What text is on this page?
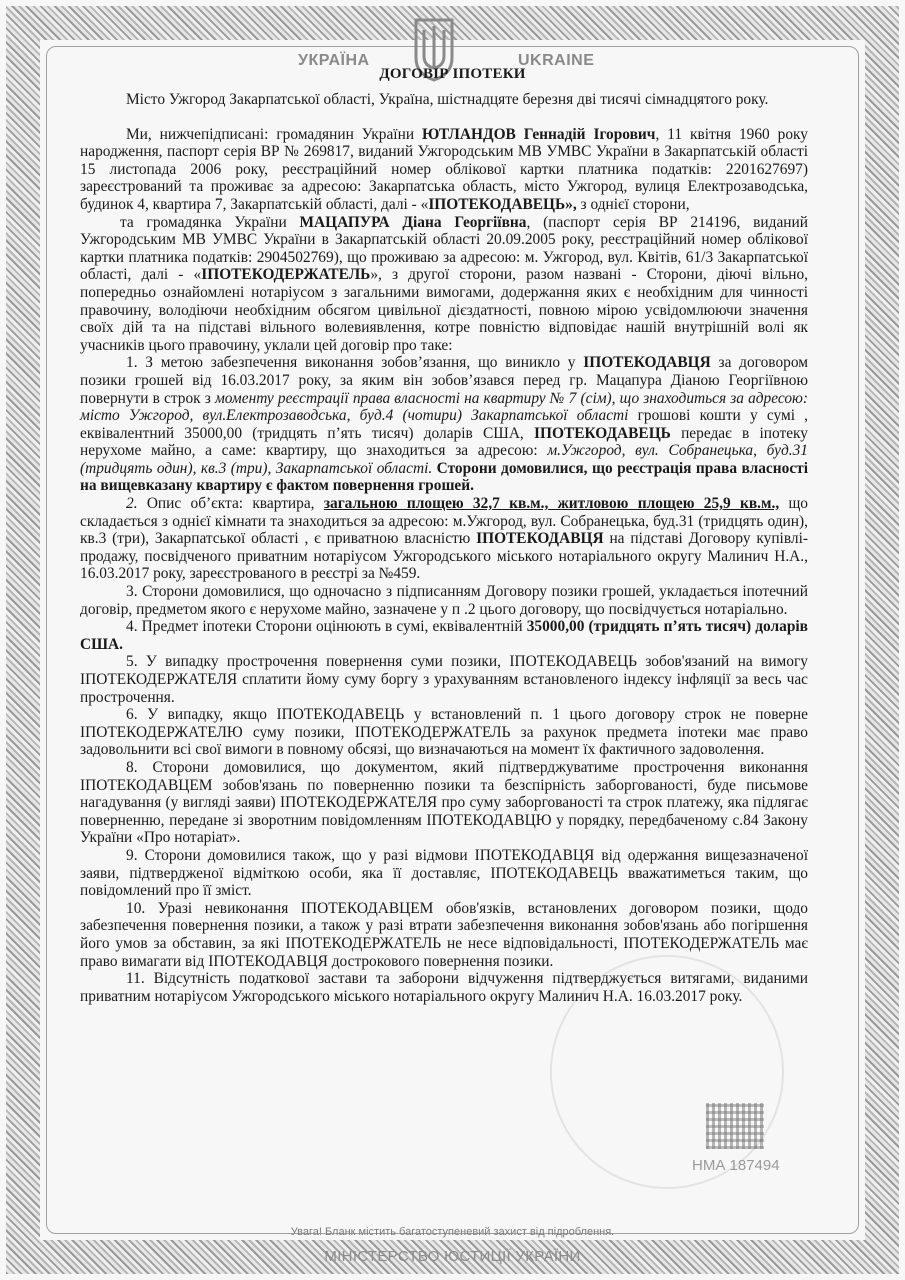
УКРАЇНА	UKRAINE
ДОГОВІР ІПОТЕКИ

Місто Ужгород Закарпатської області, Україна, шістнадцяте березня дві тисячі сімнадцятого року.

Ми, нижчепідписані: громадянин України ЮТЛАНДОВ Геннадій Ігорович, 11 квітня 1960 року народження, паспорт серія ВР № 269817, виданий Ужгородським МВ УМВС України в Закарпатській області 15 листопада 2006 року, реєстраційний номер облікової картки платника податків: 2201627697) зареєстрований та проживає за адресою: Закарпатська область, місто Ужгород, вулиця Електрозаводська, будинок 4, квартира 7, Закарпатській області, далі - «ІПОТЕКОДАВЕЦЬ», з однієї сторони,

та громадянка України МАЦАПУРА Діана Георгіївна, (паспорт серія ВР 214196, виданий Ужгородським МВ УМВС України в Закарпатській області 20.09.2005 року, реєстраційний номер облікової картки платника податків: 2904502769), що проживаю за адресою: м. Ужгород, вул. Квітів, 61/3 Закарпатської області, далі - «ІПОТЕКОДЕРЖАТЕЛЬ», з другої сторони, разом названі - Сторони, діючі вільно, попередньо ознайомлені нотаріусом з загальними вимогами, додержання яких є необхідним для чинності правочину, володіючи необхідним обсягом цивільної дієздатності, повною мірою усвідомлюючи значення своїх дій та на підставі вільного волевиявлення, котре повністю відповідає нашій внутрішній волі як учасників цього правочину, уклали цей договір про таке:

1. З метою забезпечення виконання зобов’язання, що виникло у ІПОТЕКОДАВЦЯ за договором позики грошей від 16.03.2017 року, за яким він зобов’язався перед гр. Мацапура Діаною Георгіївною повернути в строк з моменту реєстрації права власності на квартиру № 7 (сім), що знаходиться за адресою: місто Ужгород, вул.Електрозаводська, буд.4 (чотири) Закарпатської області грошові кошти у сумі , еквівалентний 35000,00 (тридцять п’ять тисяч) доларів США, ІПОТЕКОДАВЕЦЬ передає в іпотеку нерухоме майно, а саме: квартиру, що знаходиться за адресою: м.Ужгород, вул. Собранецька, буд.31 (тридцять один), кв.3 (три), Закарпатської області. Сторони домовилися, що реєстрація права власності на вищевказану квартиру є фактом повернення грошей.

2. Опис об’єкта: квартира, загальною площею 32,7 кв.м., житловою площею 25,9 кв.м., що складається з однієї кімнати та знаходиться за адресою: м.Ужгород, вул. Собранецька, буд.31 (тридцять один), кв.3 (три), Закарпатської області , є приватною власністю ІПОТЕКОДАВЦЯ на підставі Договору купівлі-продажу, посвідченого приватним нотаріусом Ужгородського міського нотаріального округу Малинич Н.А., 16.03.2017 року, зареєстрованого в реєстрі за №459.

3. Сторони домовилися, що одночасно з підписанням Договору позики грошей, укладається іпотечний договір, предметом якого є нерухоме майно, зазначене у п .2 цього договору, що посвідчується нотаріально.

4. Предмет іпотеки Сторони оцінюють в сумі, еквівалентній 35000,00 (тридцять п’ять тисяч) доларів США.

5. У випадку прострочення повернення суми позики, ІПОТЕКОДАВЕЦЬ зобов'язаний на вимогу ІПОТЕКОДЕРЖАТЕЛЯ сплатити йому суму боргу з урахуванням встановленого індексу інфляції за весь час прострочення.

6. У випадку, якщо ІПОТЕКОДАВЕЦЬ у встановлений п. 1 цього договору строк не поверне ІПОТЕКОДЕРЖАТЕЛЮ суму позики, ІПОТЕКОДЕРЖАТЕЛЬ за рахунок предмета іпотеки має право задовольнити всі свої вимоги в повному обсязі, що визначаються на момент їх фактичного задоволення.

8. Сторони домовилися, що документом, який підтверджуватиме прострочення виконання ІПОТЕКОДАВЦЕМ зобов'язань по поверненню позики та безспірність заборгованості, буде письмове нагадування (у вигляді заяви) ІПОТЕКОДЕРЖАТЕЛЯ про суму заборгованості та строк платежу, яка підлягає поверненню, передане зі зворотним повідомленням ІПОТЕКОДАВЦЮ у порядку, передбаченому с.84 Закону України «Про нотаріат».

9. Сторони домовилися також, що у разі відмови ІПОТЕКОДАВЦЯ від одержання вищезазначеної заяви, підтвердженої відміткою особи, яка її доставляє, ІПОТЕКОДАВЕЦЬ вважатиметься таким, що повідомлений про її зміст.

10. Уразі невиконання ІПОТЕКОДАВЦЕМ обов'язків, встановлених договором позики, щодо забезпечення повернення позики, а також у разі втрати забезпечення виконання зобов'язань або погіршення його умов за обставин, за які ІПОТЕКОДЕРЖАТЕЛЬ не несе відповідальності, ІПОТЕКОДЕРЖАТЕЛЬ має право вимагати від ІПОТЕКОДАВЦЯ дострокового повернення позики.

11. Відсутність податкової застави та заборони відчуження підтверджується витягами, виданими приватним нотаріусом Ужгородського міського нотаріального округу Малинич Н.А. 16.03.2017 року.

НМА 187494
Увага! Бланк містить багатоступеневий захист від підроблення.
МІНІСТЕРСТВО ЮСТИЦІЇ УКРАЇНИ
